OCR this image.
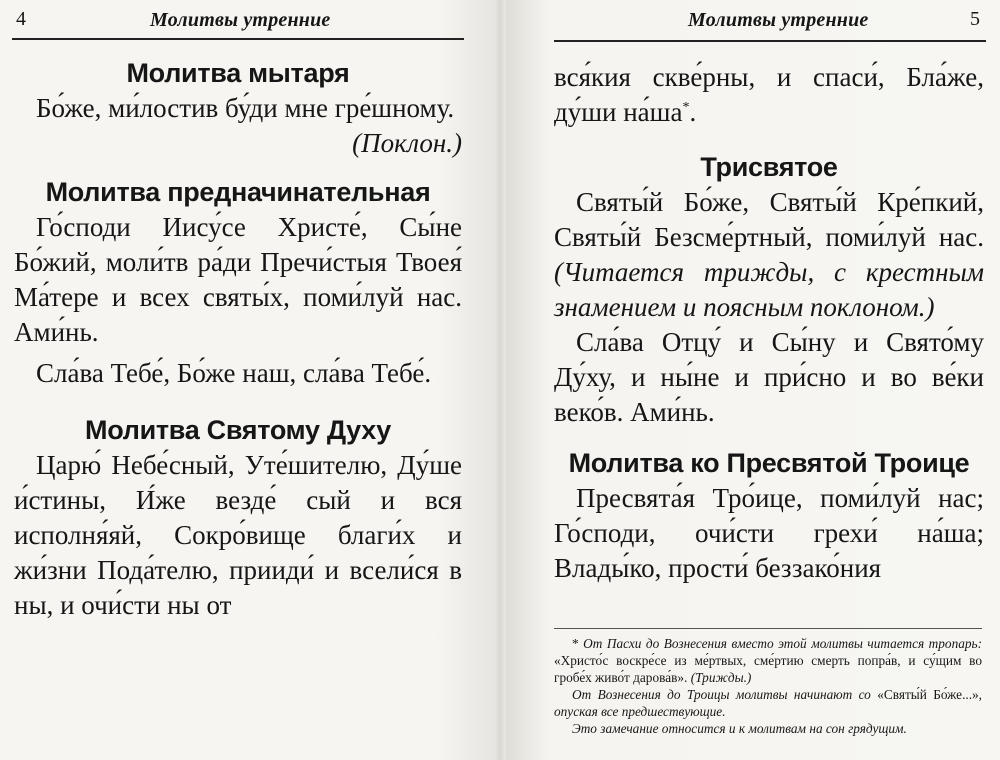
4	Молитвы утренние

Молитва мытаря

Бо́же, ми́лостив бу́ди мне гре́шному.

(Поклон.)

Молитва предначинательная

Го́споди Иису́се Христе́, Сы́не Бо́жий, моли́тв ра́ди Пречи́стыя Твоея́ Ма́тере и всех святы́х, поми́луй нас. Ами́нь.

Сла́ва Тебе́, Бо́же наш, сла́ва Тебе́.

Молитва Святому Духу

Царю́ Небе́сный, Уте́шителю, Ду́ше и́стины, И́же везде́ сый и вся исполня́яй, Сокро́вище благи́х и жи́зни Пода́телю, прииди́ и всели́ся в ны, и очи́сти ны от

Молитвы утренние	5

вся́кия скве́рны, и спаси́, Бла́же, ду́ши на́ша*.

Трисвятое

Святы́й Бо́же, Святы́й Кре́пкий, Святы́й Безсме́ртный, поми́луй нас. (Читается трижды, с крестным знамением и поясным поклоном.)

Сла́ва Отцу́ и Сы́ну и Свято́му Ду́ху, и ны́не и при́сно и во ве́ки веко́в. Ами́нь.

Молитва ко Пресвятой Троице

Пресвята́я Тро́ице, поми́луй нас; Го́споди, очи́сти грехи́ на́ша; Влады́ко, прости́ беззако́ния

* От Пасхи до Вознесения вместо этой молитвы читается тропарь: «Христо́с воскре́се из ме́ртвых, сме́ртию смерть попра́в, и су́щим во гробе́х живо́т дарова́в». (Трижды.)

От Вознесения до Троицы молитвы начинают со «Святы́й Бо́же...», опуская все предшествующие.

Это замечание относится и к молитвам на сон грядущим.
